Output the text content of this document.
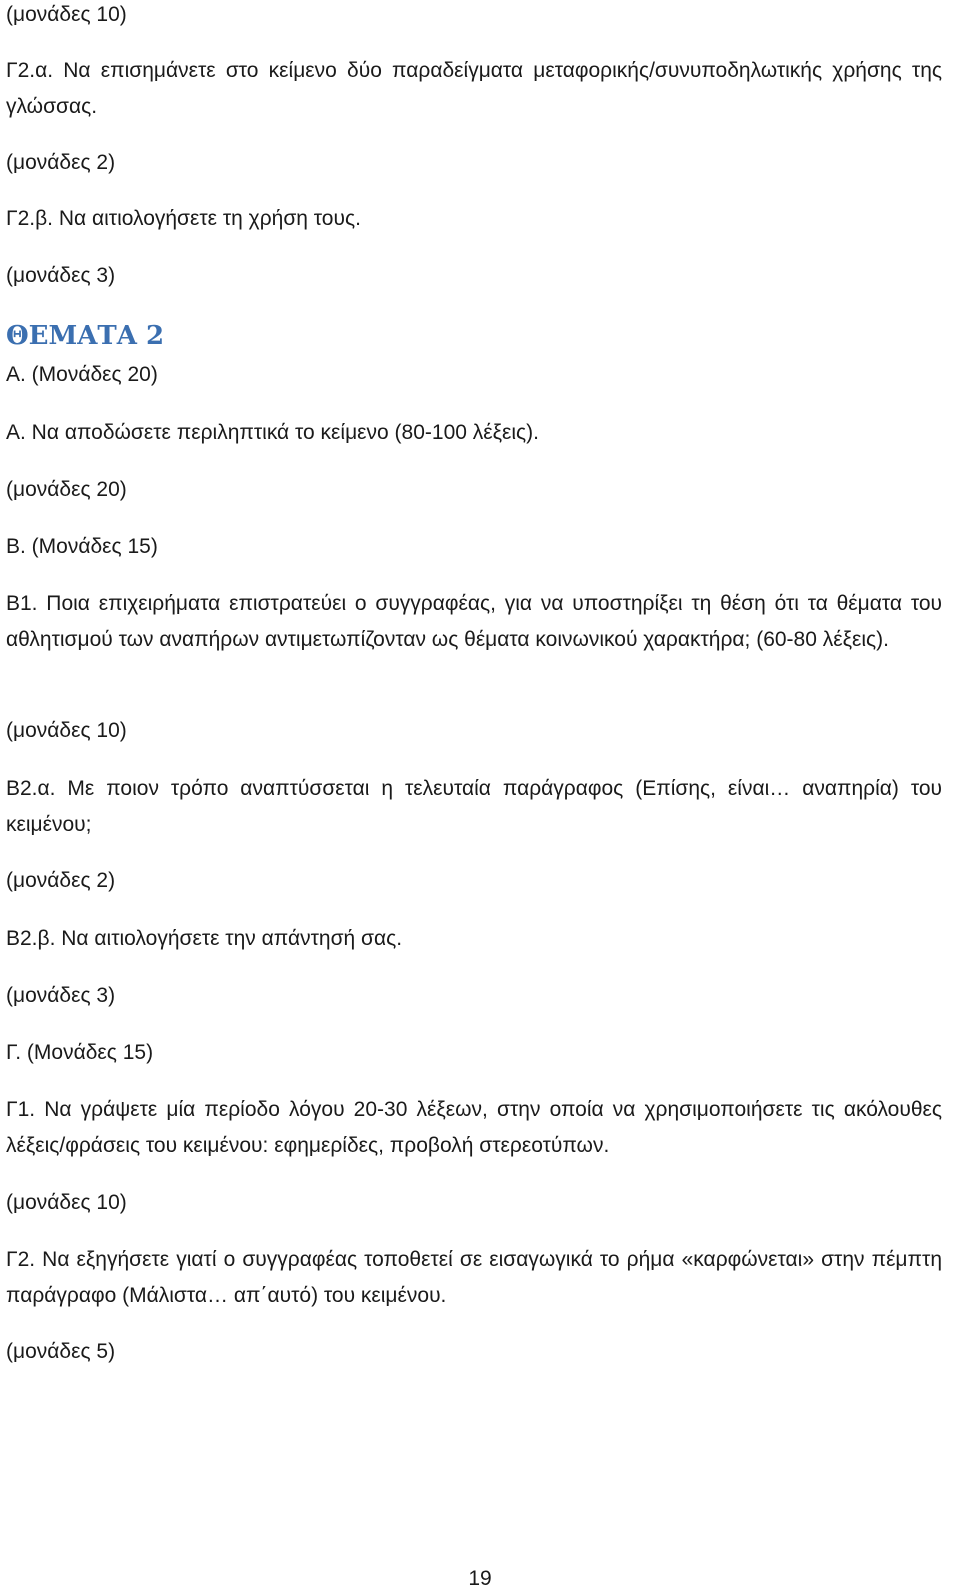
(μονάδες 10)

Γ2.α. Να επισημάνετε στο κείμενο δύο παραδείγματα μεταφορικής/συνυποδηλωτικής χρήσης της γλώσσας.

(μονάδες 2)

Γ2.β. Να αιτιολογήσετε τη χρήση τους.

(μονάδες 3)

ΘΕΜΑΤΑ 2

Α. (Μονάδες 20)

Α. Να αποδώσετε περιληπτικά το κείμενο (80-100 λέξεις).

(μονάδες 20)

Β. (Μονάδες 15)

Β1. Ποια επιχειρήματα επιστρατεύει ο συγγραφέας, για να υποστηρίξει τη θέση ότι τα θέματα του αθλητισμού των αναπήρων αντιμετωπίζονταν ως θέματα κοινωνικού χαρακτήρα; (60-80 λέξεις).

(μονάδες 10)

Β2.α. Με ποιον τρόπο αναπτύσσεται η τελευταία παράγραφος (Επίσης, είναι… αναπηρία) του κειμένου;

(μονάδες 2)

Β2.β. Να αιτιολογήσετε την απάντησή σας.

(μονάδες 3)

Γ. (Μονάδες 15)

Γ1. Να γράψετε μία περίοδο λόγου 20-30 λέξεων, στην οποία να χρησιμοποιήσετε τις ακόλουθες λέξεις/φράσεις του κειμένου: εφημερίδες, προβολή στερεοτύπων.

(μονάδες 10)

Γ2. Να εξηγήσετε γιατί ο συγγραφέας τοποθετεί σε εισαγωγικά το ρήμα «καρφώνεται» στην πέμπτη παράγραφο (Μάλιστα… απ΄αυτό) του κειμένου.

(μονάδες 5)

19
